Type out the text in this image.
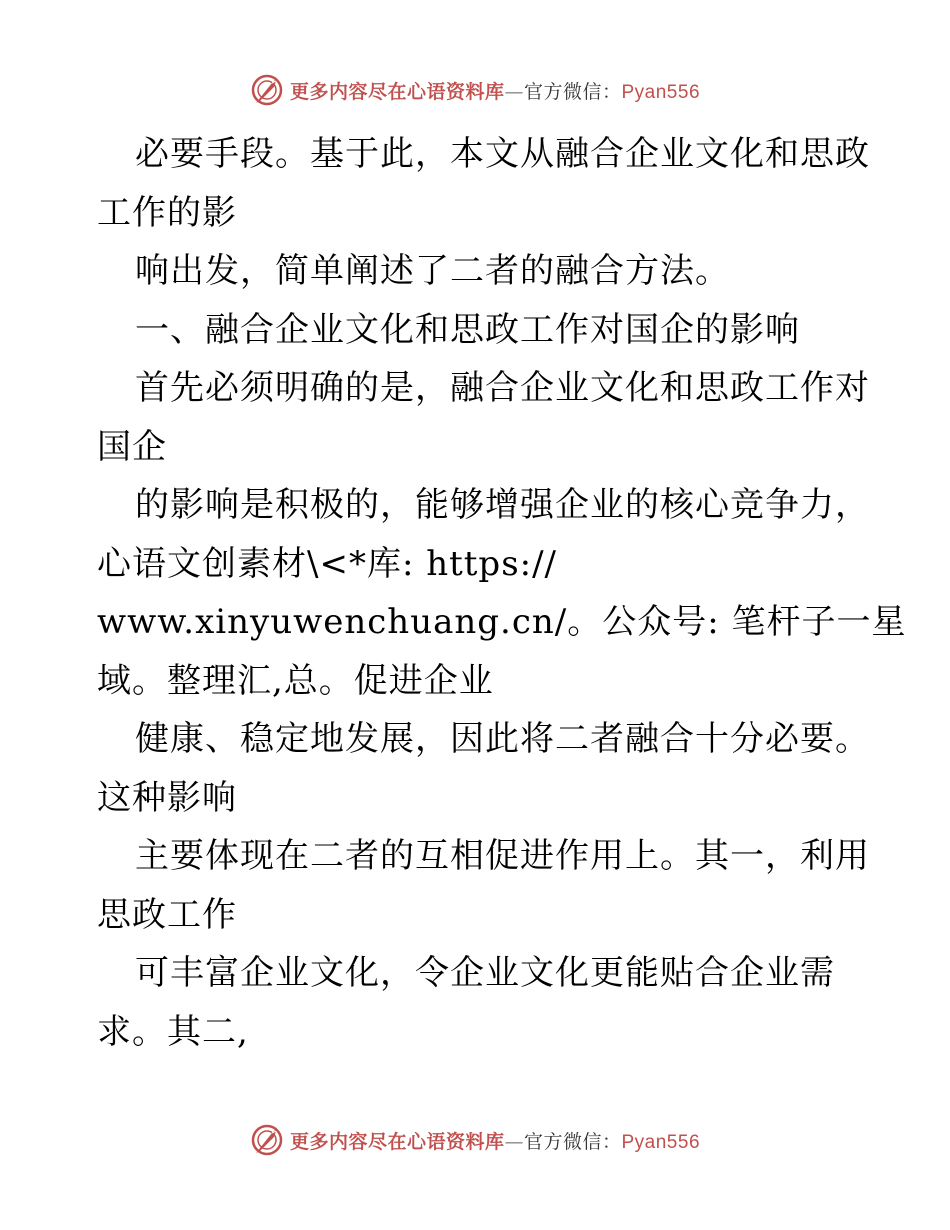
更多内容尽在心语资料库—官方微信：Pyan556
必要手段。基于此，本文从融合企业文化和思政
工作的影
响出发，简单阐述了二者的融合方法。
一、融合企业文化和思政工作对国企的影响
首先必须明确的是，融合企业文化和思政工作对
国企
的影响是积极的，能够增强企业的核心竞争力，
心语文创素材\<*库: https://
www.xinyuwenchuang.cn/。公众号: 笔杆子一星
域。整理汇,总。促进企业
健康、稳定地发展，因此将二者融合十分必要。
这种影响
主要体现在二者的互相促进作用上。其一，利用
思政工作
可丰富企业文化，令企业文化更能贴合企业需
求。其二,
更多内容尽在心语资料库—官方微信：Pyan556
